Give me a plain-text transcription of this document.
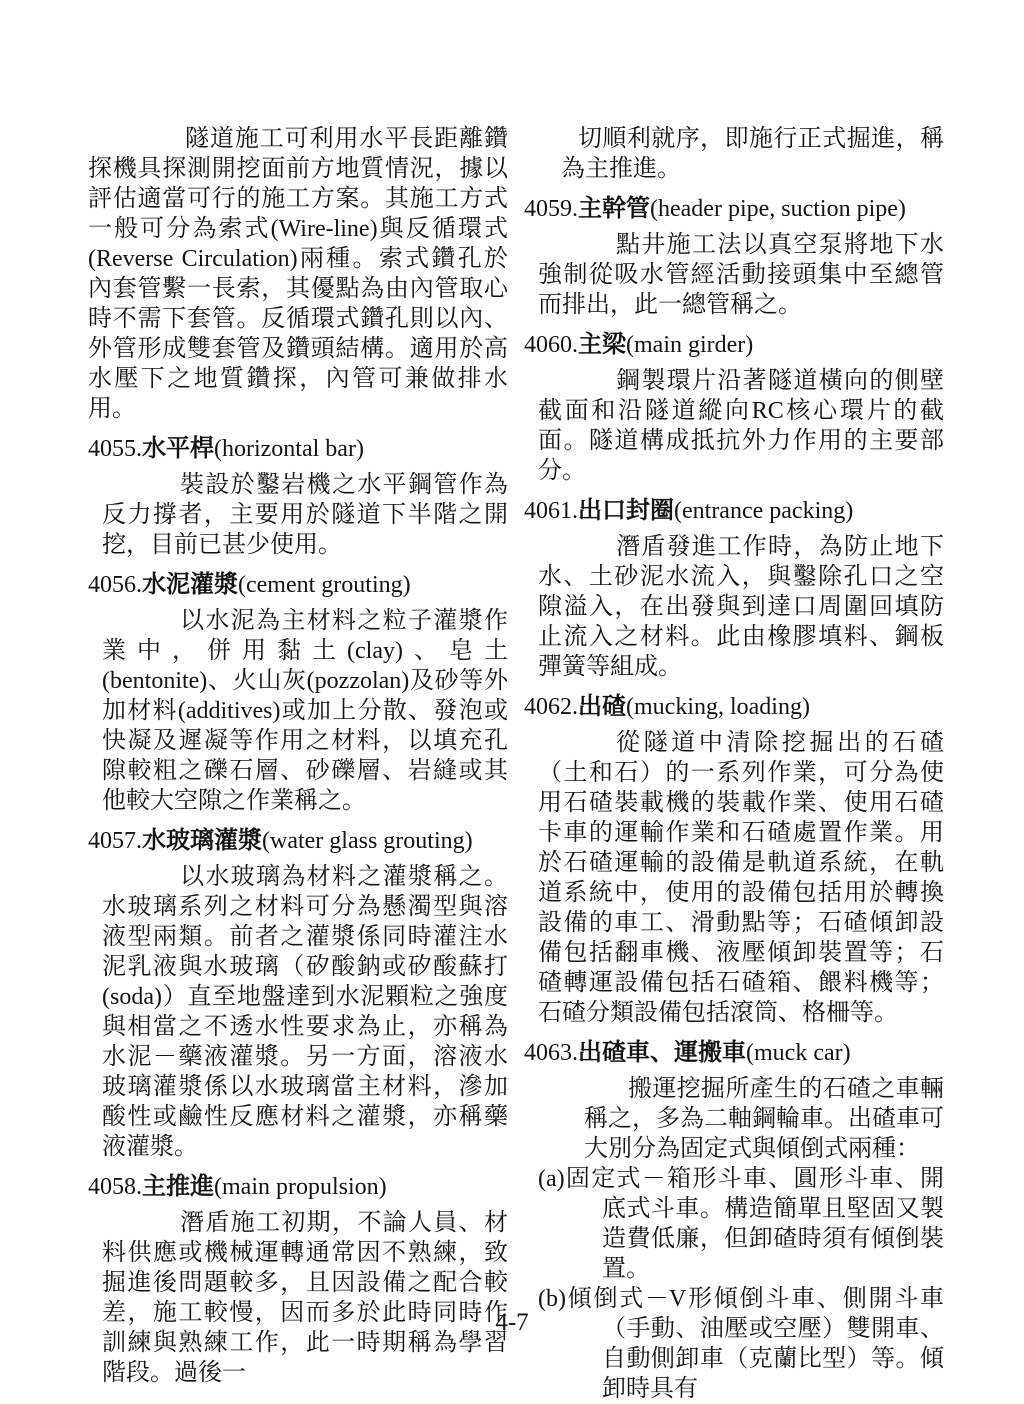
隧道施工可利用水平長距離鑽探機具探測開挖面前方地質情況，據以評估適當可行的施工方案。其施工方式一般可分為索式(Wire-line)與反循環式(Reverse Circulation)兩種。索式鑽孔於內套管繫一長索，其優點為由內管取心時不需下套管。反循環式鑽孔則以內、外管形成雙套管及鑽頭結構。適用於高水壓下之地質鑽探，內管可兼做排水用。

4055.水平桿(horizontal bar)

裝設於鑿岩機之水平鋼管作為反力撐者，主要用於隧道下半階之開挖，目前已甚少使用。

4056.水泥灌漿(cement grouting)

以水泥為主材料之粒子灌漿作業中，併用黏土(clay)、皂土(bentonite)、火山灰(pozzolan)及砂等外加材料(additives)或加上分散、發泡或快凝及遲凝等作用之材料，以填充孔隙較粗之礫石層、砂礫層、岩縫或其他較大空隙之作業稱之。

4057.水玻璃灌漿(water glass grouting)

以水玻璃為材料之灌漿稱之。水玻璃系列之材料可分為懸濁型與溶液型兩類。前者之灌漿係同時灌注水泥乳液與水玻璃（矽酸鈉或矽酸蘇打(soda)）直至地盤達到水泥顆粒之強度與相當之不透水性要求為止，亦稱為水泥－藥液灌漿。另一方面，溶液水玻璃灌漿係以水玻璃當主材料，滲加酸性或鹼性反應材料之灌漿，亦稱藥液灌漿。

4058.主推進(main propulsion)

潛盾施工初期，不論人員、材料供應或機械運轉通常因不熟練，致掘進後問題較多，且因設備之配合較差，施工較慢，因而多於此時同時作訓練與熟練工作，此一時期稱為學習階段。過後一

切順利就序，即施行正式掘進，稱為主推進。

4059.主幹管(header pipe, suction pipe)

點井施工法以真空泵將地下水強制從吸水管經活動接頭集中至總管而排出，此一總管稱之。

4060.主梁(main girder)

鋼製環片沿著隧道橫向的側壁截面和沿隧道縱向RC核心環片的截面。隧道構成抵抗外力作用的主要部分。

4061.出口封圈(entrance packing)

潛盾發進工作時，為防止地下水、土砂泥水流入，與鑿除孔口之空隙溢入，在出發與到達口周圍回填防止流入之材料。此由橡膠填料、鋼板彈簧等組成。

4062.出碴(mucking, loading)

從隧道中清除挖掘出的石碴（土和石）的一系列作業，可分為使用石碴裝載機的裝載作業、使用石碴卡車的運輸作業和石碴處置作業。用於石碴運輸的設備是軌道系統，在軌道系統中，使用的設備包括用於轉換設備的車工、滑動點等；石碴傾卸設備包括翻車機、液壓傾卸裝置等；石碴轉運設備包括石碴箱、餵料機等；石碴分類設備包括滾筒、格柵等。

4063.出碴車、運搬車(muck car)

搬運挖掘所產生的石碴之車輛稱之，多為二軸鋼輪車。出碴車可大別分為固定式與傾倒式兩種：

(a)固定式－箱形斗車、圓形斗車、開底式斗車。構造簡單且堅固又製造費低廉，但卸碴時須有傾倒裝置。

(b)傾倒式－V形傾倒斗車、側開斗車（手動、油壓或空壓）雙開車、自動側卸車（克蘭比型）等。傾卸時具有

4-7
